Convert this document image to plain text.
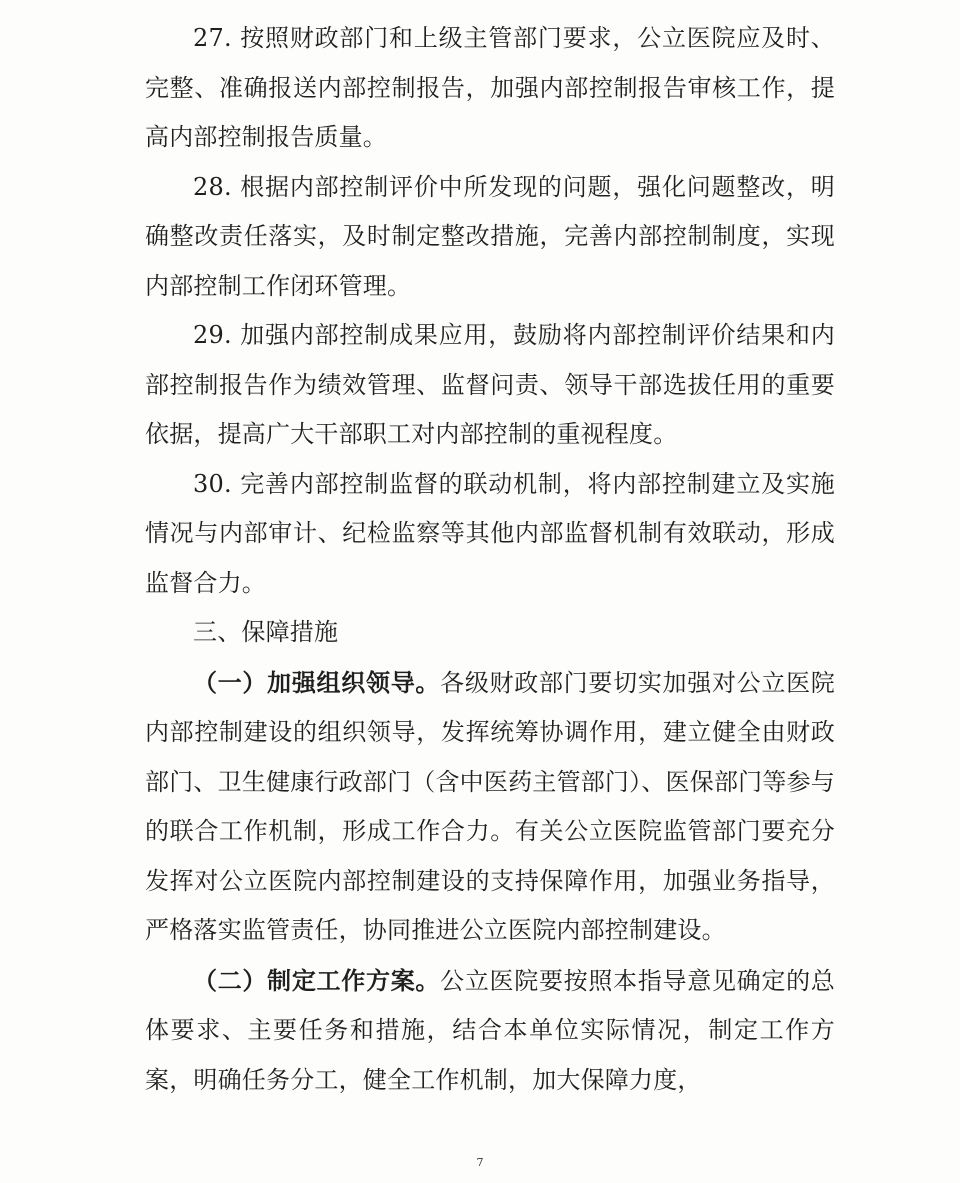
27. 按照财政部门和上级主管部门要求，公立医院应及时、完整、准确报送内部控制报告，加强内部控制报告审核工作，提高内部控制报告质量。

28. 根据内部控制评价中所发现的问题，强化问题整改，明确整改责任落实，及时制定整改措施，完善内部控制制度，实现内部控制工作闭环管理。

29. 加强内部控制成果应用，鼓励将内部控制评价结果和内部控制报告作为绩效管理、监督问责、领导干部选拔任用的重要依据，提高广大干部职工对内部控制的重视程度。

30. 完善内部控制监督的联动机制，将内部控制建立及实施情况与内部审计、纪检监察等其他内部监督机制有效联动，形成监督合力。

三、保障措施

（一）加强组织领导。各级财政部门要切实加强对公立医院内部控制建设的组织领导，发挥统筹协调作用，建立健全由财政部门、卫生健康行政部门（含中医药主管部门）、医保部门等参与的联合工作机制，形成工作合力。有关公立医院监管部门要充分发挥对公立医院内部控制建设的支持保障作用，加强业务指导，严格落实监管责任，协同推进公立医院内部控制建设。

（二）制定工作方案。公立医院要按照本指导意见确定的总体要求、主要任务和措施，结合本单位实际情况，制定工作方案，明确任务分工，健全工作机制，加大保障力度，

7
